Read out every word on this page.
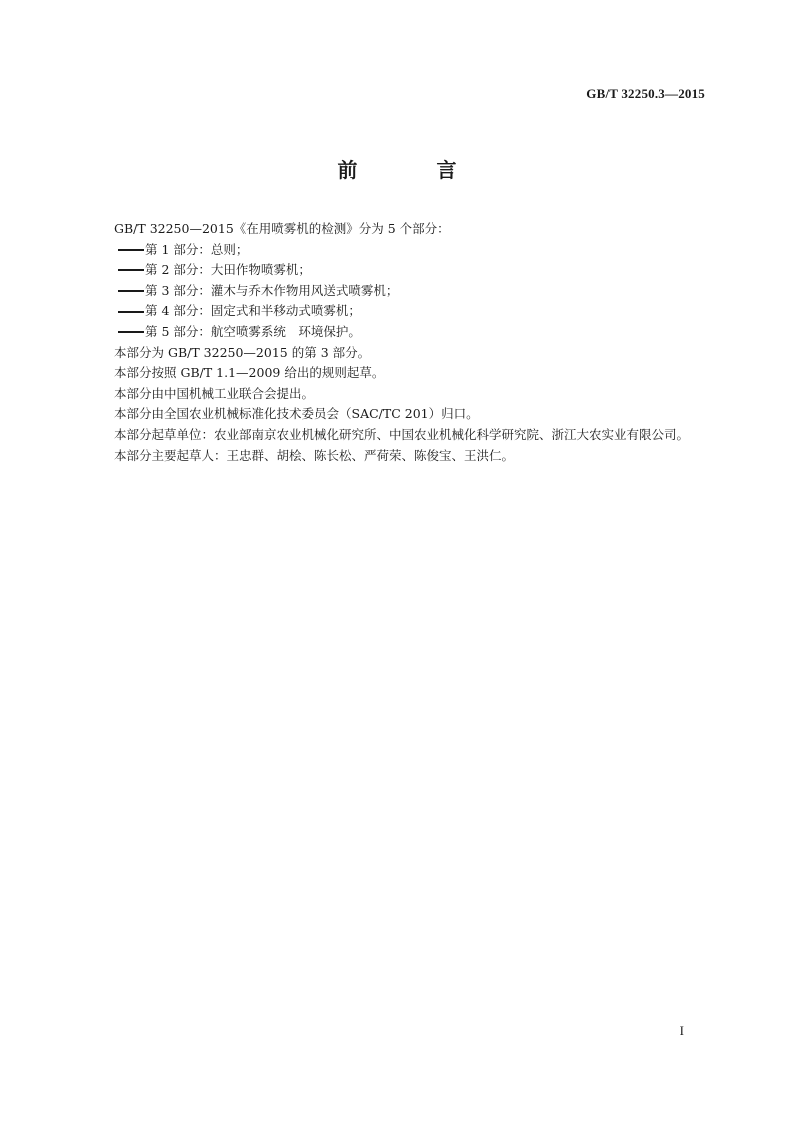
GB/T 32250.3—2015
前 言

GB/T 32250—2015《在用喷雾机的检测》分为 5 个部分：

第 1 部分：总则；
第 2 部分：大田作物喷雾机；
第 3 部分：灌木与乔木作物用风送式喷雾机；
第 4 部分：固定式和半移动式喷雾机；
第 5 部分：航空喷雾系统　环境保护。

本部分为 GB/T 32250—2015 的第 3 部分。

本部分按照 GB/T 1.1—2009 给出的规则起草。

本部分由中国机械工业联合会提出。

本部分由全国农业机械标准化技术委员会（SAC/TC 201）归口。

本部分起草单位：农业部南京农业机械化研究所、中国农业机械化科学研究院、浙江大农实业有限公司。

本部分主要起草人：王忠群、胡桧、陈长松、严荷荣、陈俊宝、王洪仁。

I
